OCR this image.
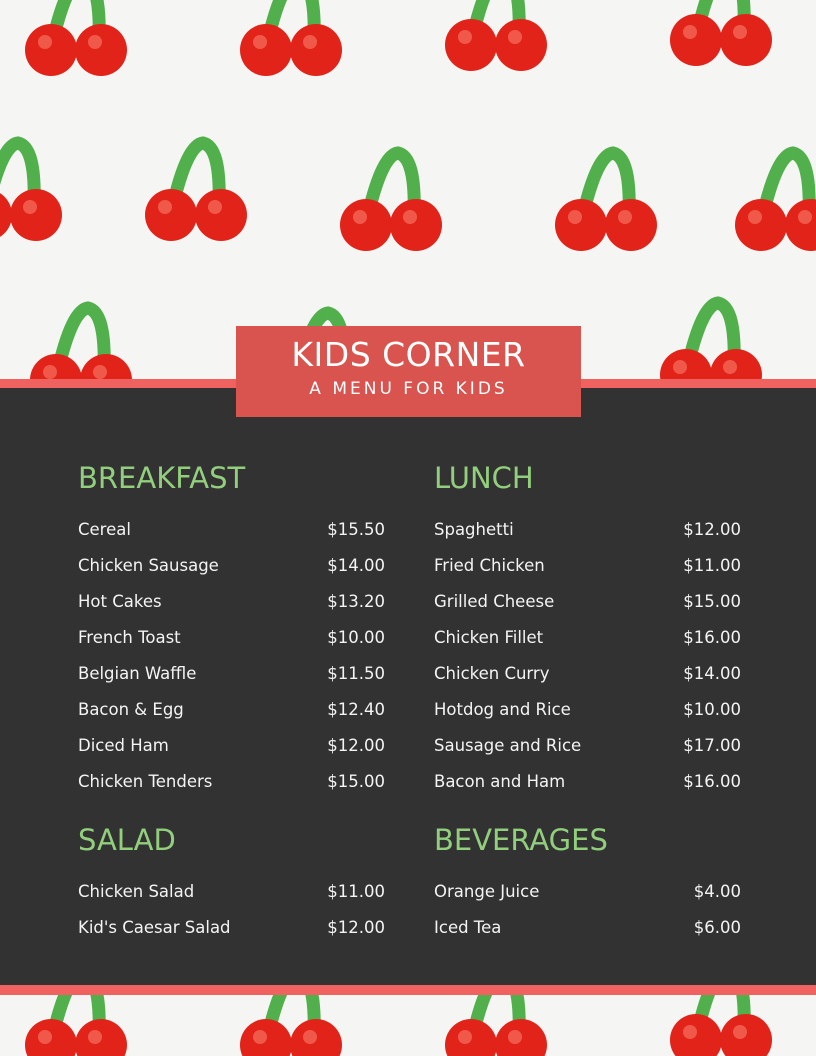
KIDS CORNER
A MENU FOR KIDS
BREAKFAST
Cereal	$15.50
Chicken Sausage	$14.00
Hot Cakes	$13.20
French Toast	$10.00
Belgian Waffle	$11.50
Bacon & Egg	$12.40
Diced Ham	$12.00
Chicken Tenders	$15.00
LUNCH
Spaghetti	$12.00
Fried Chicken	$11.00
Grilled Cheese	$15.00
Chicken Fillet	$16.00
Chicken Curry	$14.00
Hotdog and Rice	$10.00
Sausage and Rice	$17.00
Bacon and Ham	$16.00
SALAD
Chicken Salad	$11.00
Kid's Caesar Salad	$12.00
BEVERAGES
Orange Juice	$4.00
Iced Tea	$6.00
